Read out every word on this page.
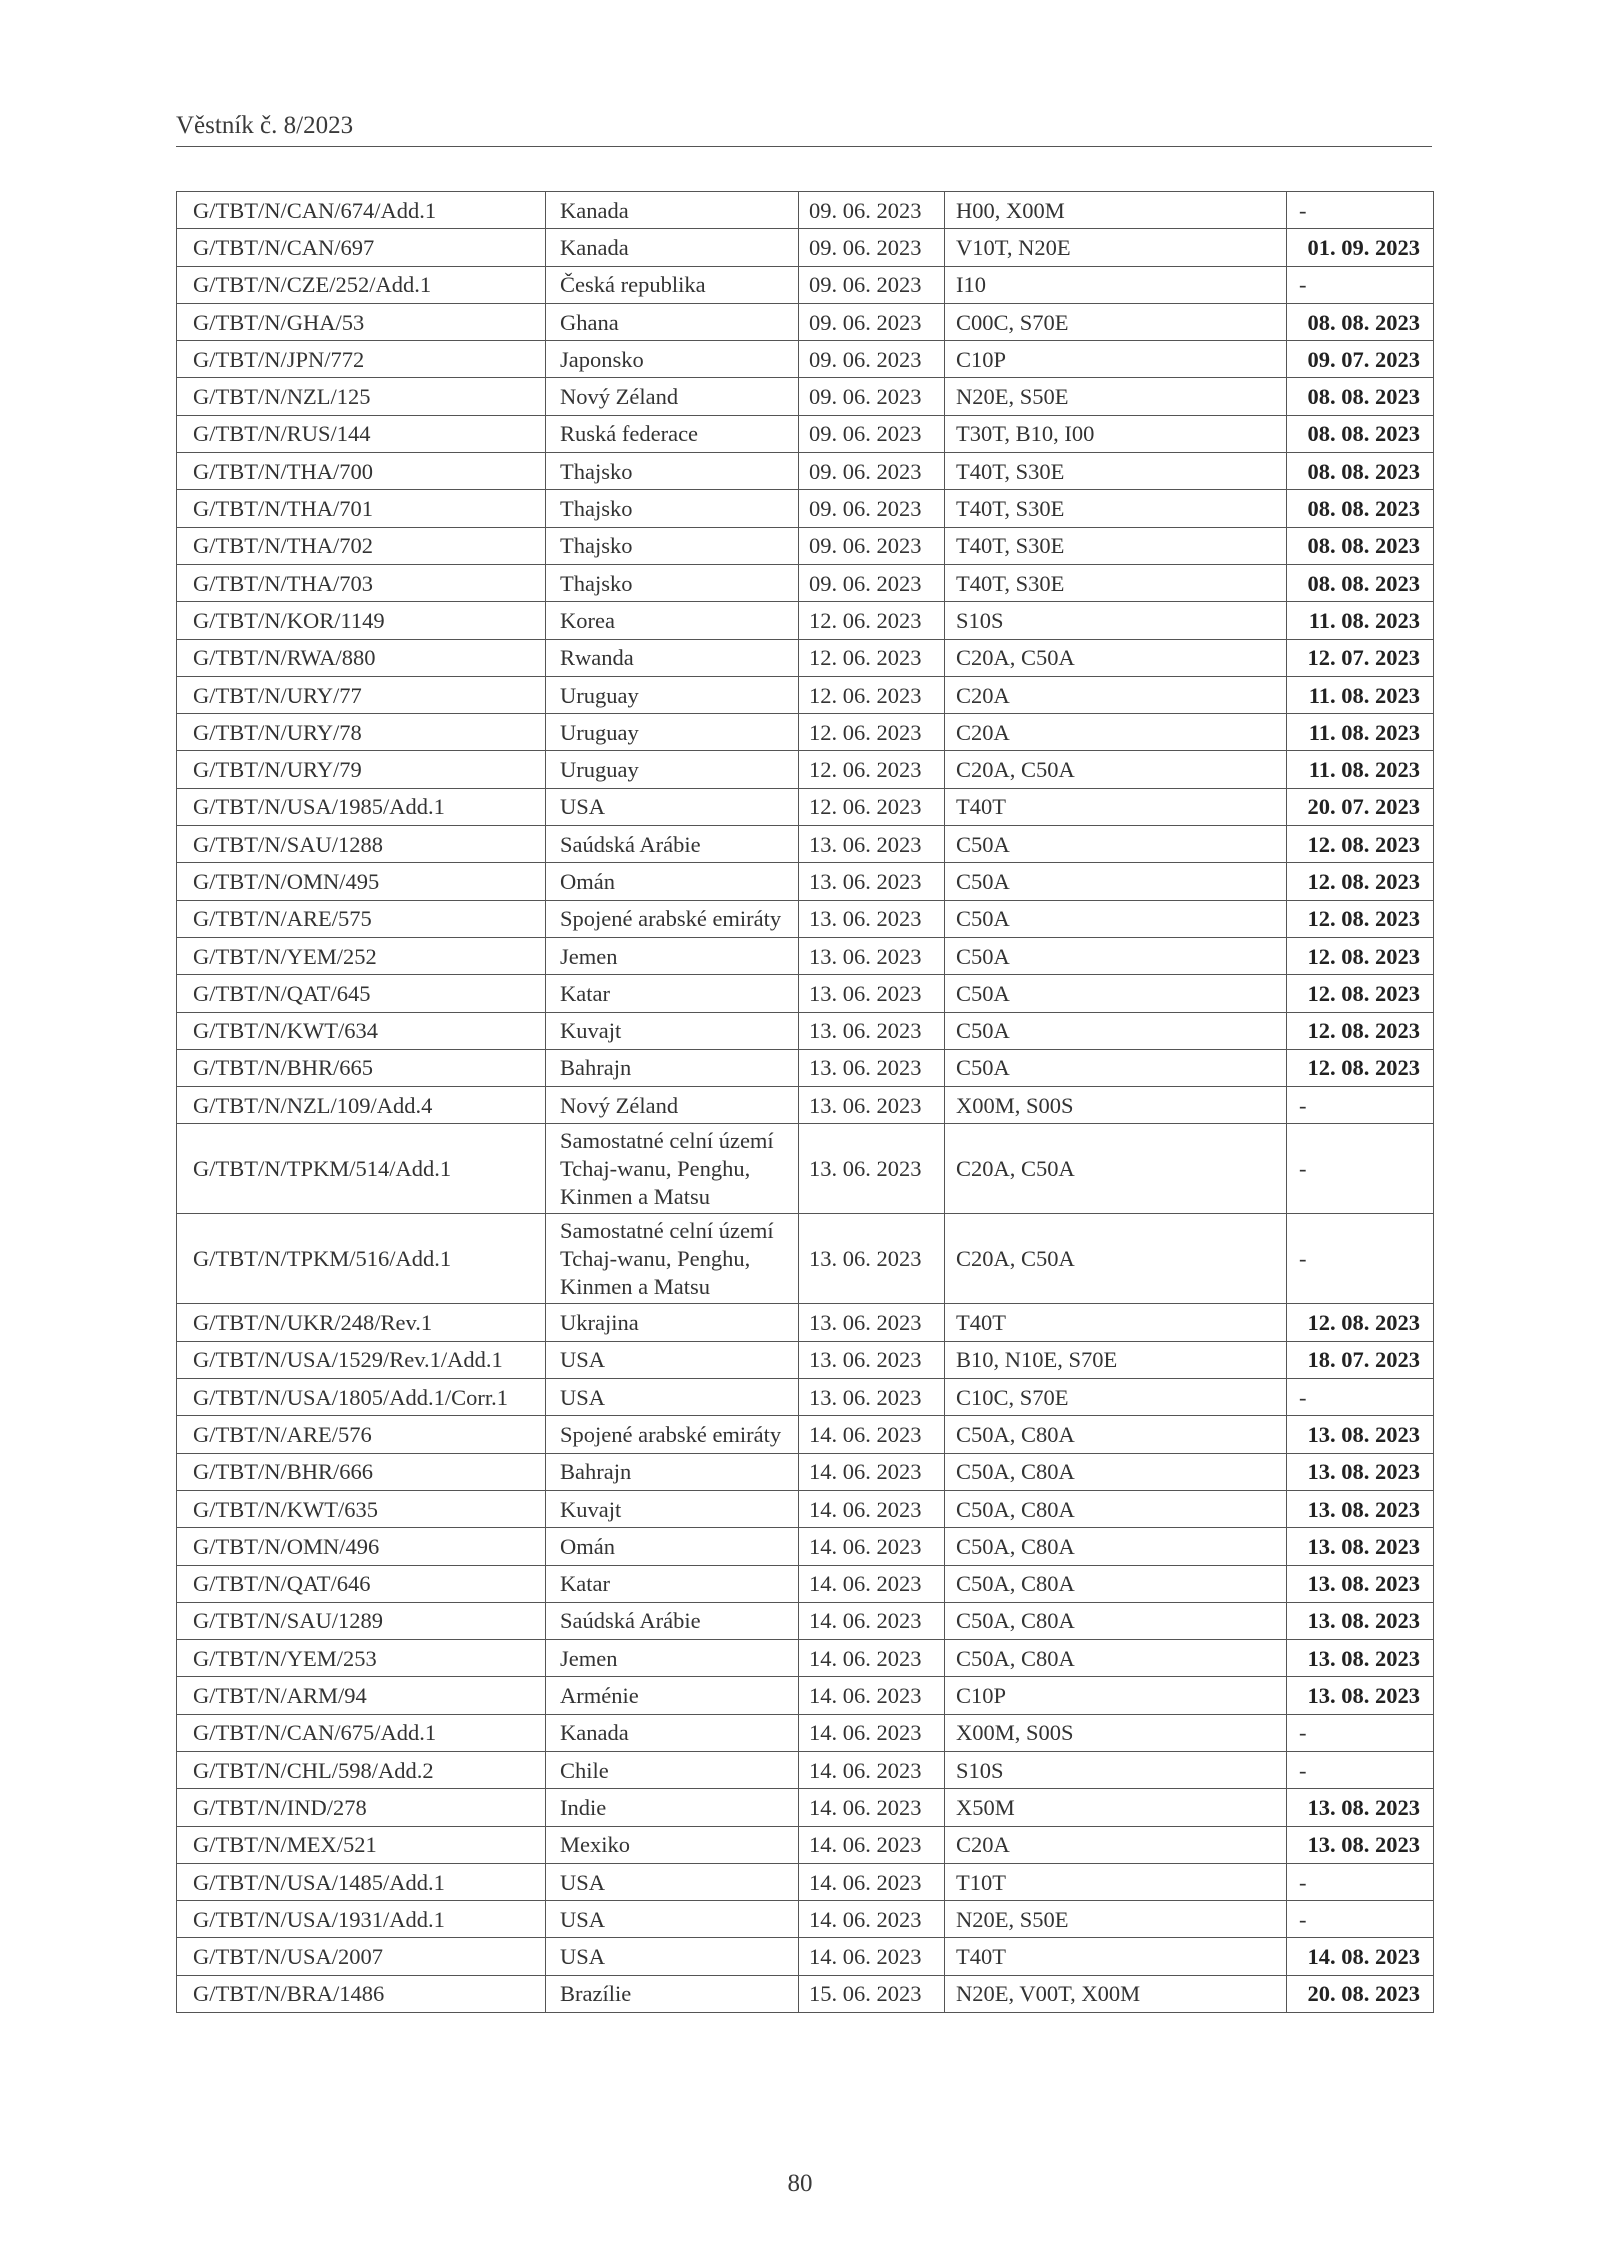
Věstník č. 8/2023
G/TBT/N/CAN/674/Add.1	Kanada	09. 06. 2023	H00, X00M	-
G/TBT/N/CAN/697	Kanada	09. 06. 2023	V10T, N20E	01. 09. 2023
G/TBT/N/CZE/252/Add.1	Česká republika	09. 06. 2023	I10	-
G/TBT/N/GHA/53	Ghana	09. 06. 2023	C00C, S70E	08. 08. 2023
G/TBT/N/JPN/772	Japonsko	09. 06. 2023	C10P	09. 07. 2023
G/TBT/N/NZL/125	Nový Zéland	09. 06. 2023	N20E, S50E	08. 08. 2023
G/TBT/N/RUS/144	Ruská federace	09. 06. 2023	T30T, B10, I00	08. 08. 2023
G/TBT/N/THA/700	Thajsko	09. 06. 2023	T40T, S30E	08. 08. 2023
G/TBT/N/THA/701	Thajsko	09. 06. 2023	T40T, S30E	08. 08. 2023
G/TBT/N/THA/702	Thajsko	09. 06. 2023	T40T, S30E	08. 08. 2023
G/TBT/N/THA/703	Thajsko	09. 06. 2023	T40T, S30E	08. 08. 2023
G/TBT/N/KOR/1149	Korea	12. 06. 2023	S10S	11. 08. 2023
G/TBT/N/RWA/880	Rwanda	12. 06. 2023	C20A, C50A	12. 07. 2023
G/TBT/N/URY/77	Uruguay	12. 06. 2023	C20A	11. 08. 2023
G/TBT/N/URY/78	Uruguay	12. 06. 2023	C20A	11. 08. 2023
G/TBT/N/URY/79	Uruguay	12. 06. 2023	C20A, C50A	11. 08. 2023
G/TBT/N/USA/1985/Add.1	USA	12. 06. 2023	T40T	20. 07. 2023
G/TBT/N/SAU/1288	Saúdská Arábie	13. 06. 2023	C50A	12. 08. 2023
G/TBT/N/OMN/495	Omán	13. 06. 2023	C50A	12. 08. 2023
G/TBT/N/ARE/575	Spojené arabské emiráty	13. 06. 2023	C50A	12. 08. 2023
G/TBT/N/YEM/252	Jemen	13. 06. 2023	C50A	12. 08. 2023
G/TBT/N/QAT/645	Katar	13. 06. 2023	C50A	12. 08. 2023
G/TBT/N/KWT/634	Kuvajt	13. 06. 2023	C50A	12. 08. 2023
G/TBT/N/BHR/665	Bahrajn	13. 06. 2023	C50A	12. 08. 2023
G/TBT/N/NZL/109/Add.4	Nový Zéland	13. 06. 2023	X00M, S00S	-
G/TBT/N/TPKM/514/Add.1	Samostatné celní území
Tchaj-wanu, Penghu,
Kinmen a Matsu	13. 06. 2023	C20A, C50A	-
G/TBT/N/TPKM/516/Add.1	Samostatné celní území
Tchaj-wanu, Penghu,
Kinmen a Matsu	13. 06. 2023	C20A, C50A	-
G/TBT/N/UKR/248/Rev.1	Ukrajina	13. 06. 2023	T40T	12. 08. 2023
G/TBT/N/USA/1529/Rev.1/Add.1	USA	13. 06. 2023	B10, N10E, S70E	18. 07. 2023
G/TBT/N/USA/1805/Add.1/Corr.1	USA	13. 06. 2023	C10C, S70E	-
G/TBT/N/ARE/576	Spojené arabské emiráty	14. 06. 2023	C50A, C80A	13. 08. 2023
G/TBT/N/BHR/666	Bahrajn	14. 06. 2023	C50A, C80A	13. 08. 2023
G/TBT/N/KWT/635	Kuvajt	14. 06. 2023	C50A, C80A	13. 08. 2023
G/TBT/N/OMN/496	Omán	14. 06. 2023	C50A, C80A	13. 08. 2023
G/TBT/N/QAT/646	Katar	14. 06. 2023	C50A, C80A	13. 08. 2023
G/TBT/N/SAU/1289	Saúdská Arábie	14. 06. 2023	C50A, C80A	13. 08. 2023
G/TBT/N/YEM/253	Jemen	14. 06. 2023	C50A, C80A	13. 08. 2023
G/TBT/N/ARM/94	Arménie	14. 06. 2023	C10P	13. 08. 2023
G/TBT/N/CAN/675/Add.1	Kanada	14. 06. 2023	X00M, S00S	-
G/TBT/N/CHL/598/Add.2	Chile	14. 06. 2023	S10S	-
G/TBT/N/IND/278	Indie	14. 06. 2023	X50M	13. 08. 2023
G/TBT/N/MEX/521	Mexiko	14. 06. 2023	C20A	13. 08. 2023
G/TBT/N/USA/1485/Add.1	USA	14. 06. 2023	T10T	-
G/TBT/N/USA/1931/Add.1	USA	14. 06. 2023	N20E, S50E	-
G/TBT/N/USA/2007	USA	14. 06. 2023	T40T	14. 08. 2023
G/TBT/N/BRA/1486	Brazílie	15. 06. 2023	N20E, V00T, X00M	20. 08. 2023
80
